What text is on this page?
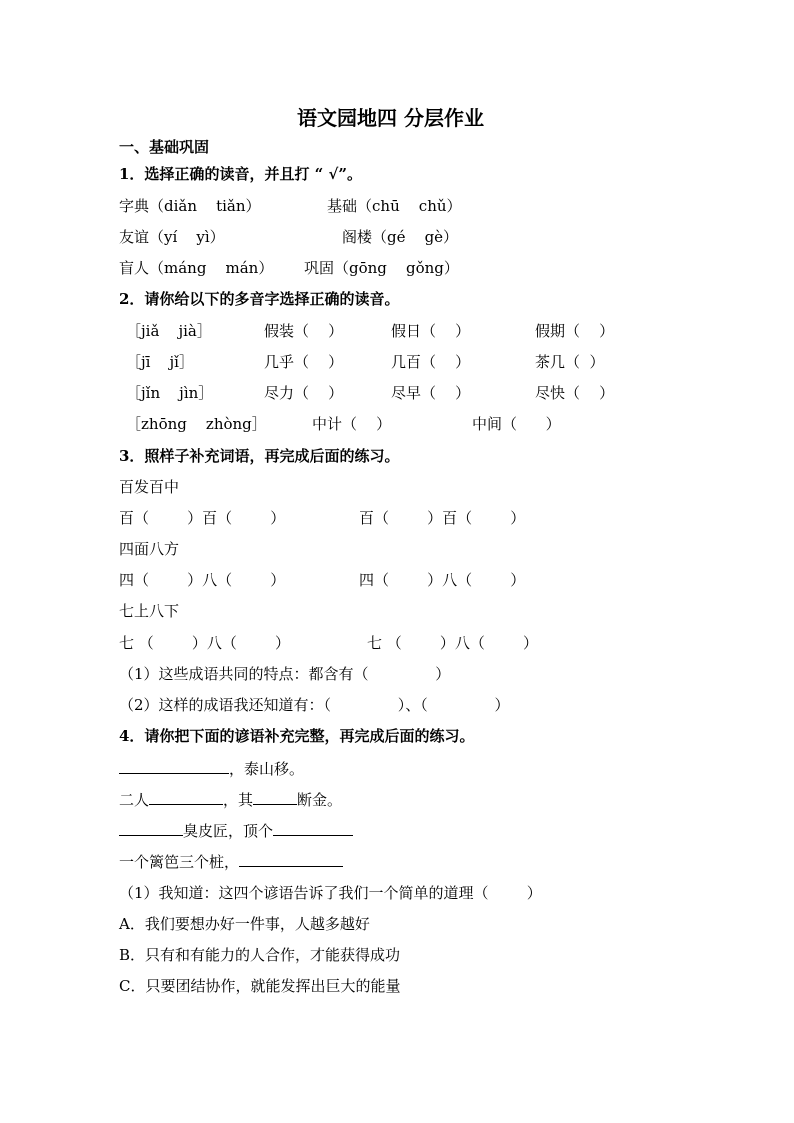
语文园地四 分层作业
一、基础巩固
1．选择正确的读音，并且打 “ √”。
字典（diǎn    tiǎn）	基础（chū    chǔ）
友谊（yí    yì）	阁楼（gé    gè）
盲人（máng    mán） 巩固（gōng    gǒng）
2．请你给以下的多音字选择正确的读音。
［jiǎ    jià］	假装（    ）	假日（    ）	假期（    ）
［jī    jǐ］	几乎（    ）	几百（    ）	茶几（  ）
［jǐn    jìn］	尽力（    ）	尽早（    ）	尽快（    ）
［zhōng    zhòng］	中计（    ）	中间（      ）
3．照样子补充词语，再完成后面的练习。
百发百中
百（        ）百（        ）	百（        ）百（        ）
四面八方
四（        ）八（        ）	四（        ）八（        ）
七上八下
七 （        ）八（        ）	七 （        ）八（        ）
（1）这些成语共同的特点：都含有（              ）
（2）这样的成语我还知道有：（              ）、（              ）
4．请你把下面的谚语补充完整，再完成后面的练习。
，泰山移。
二人	，其	断金。
臭皮匠，顶个
一个篱笆三个桩，
（1）我知道：这四个谚语告诉了我们一个简单的道理（        ）
A．我们要想办好一件事，人越多越好
B．只有和有能力的人合作，才能获得成功
C．只要团结协作，就能发挥出巨大的能量
